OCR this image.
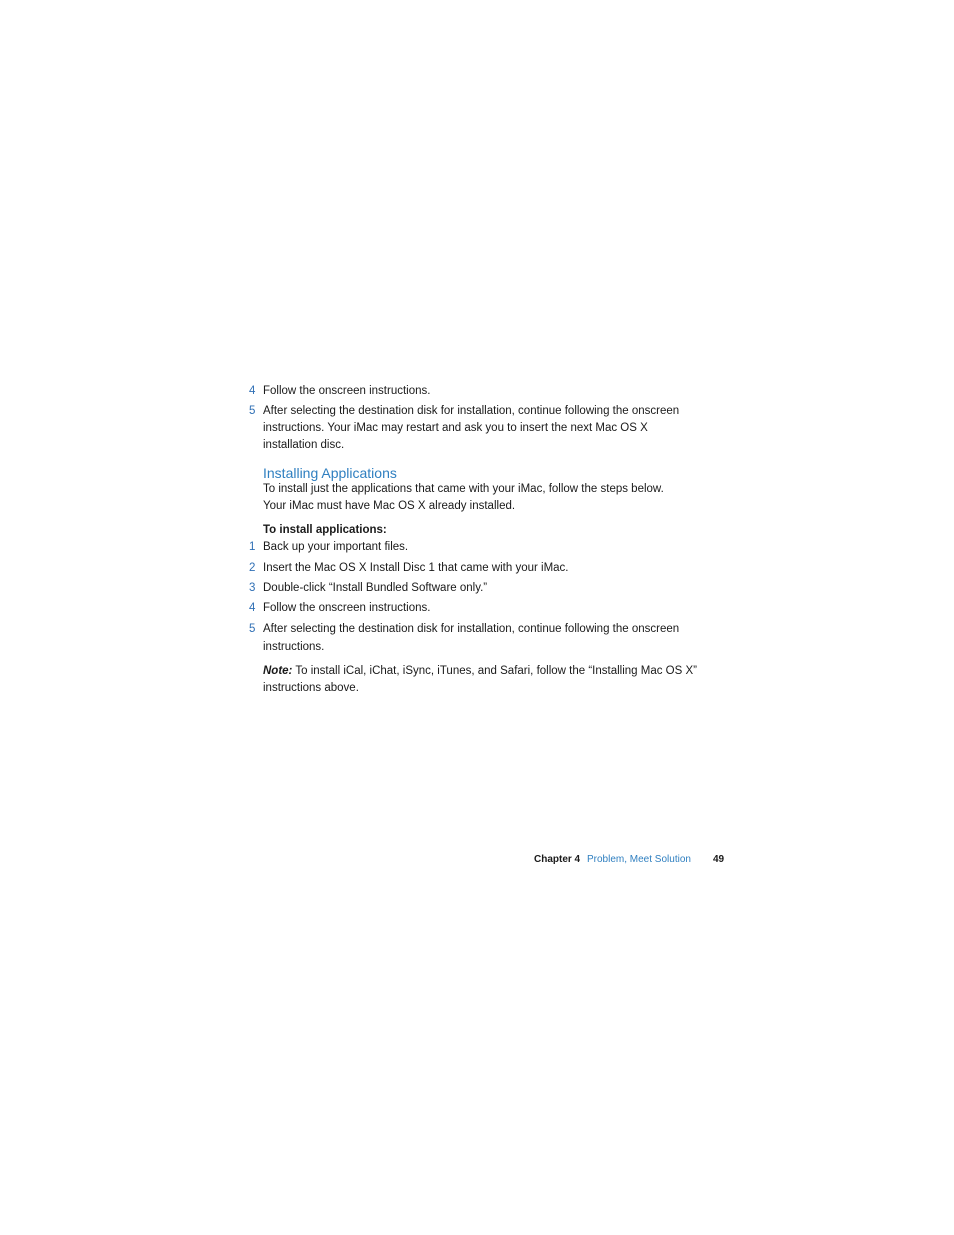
4 Follow the onscreen instructions.
5 After selecting the destination disk for installation, continue following the onscreen instructions. Your iMac may restart and ask you to insert the next Mac OS X installation disc.
Installing Applications
To install just the applications that came with your iMac, follow the steps below. Your iMac must have Mac OS X already installed.
To install applications:
1 Back up your important files.
2 Insert the Mac OS X Install Disc 1 that came with your iMac.
3 Double-click “Install Bundled Software only.”
4 Follow the onscreen instructions.
5 After selecting the destination disk for installation, continue following the onscreen instructions.
Note: To install iCal, iChat, iSync, iTunes, and Safari, follow the “Installing Mac OS X” instructions above.
Chapter 4 Problem, Meet Solution 49
